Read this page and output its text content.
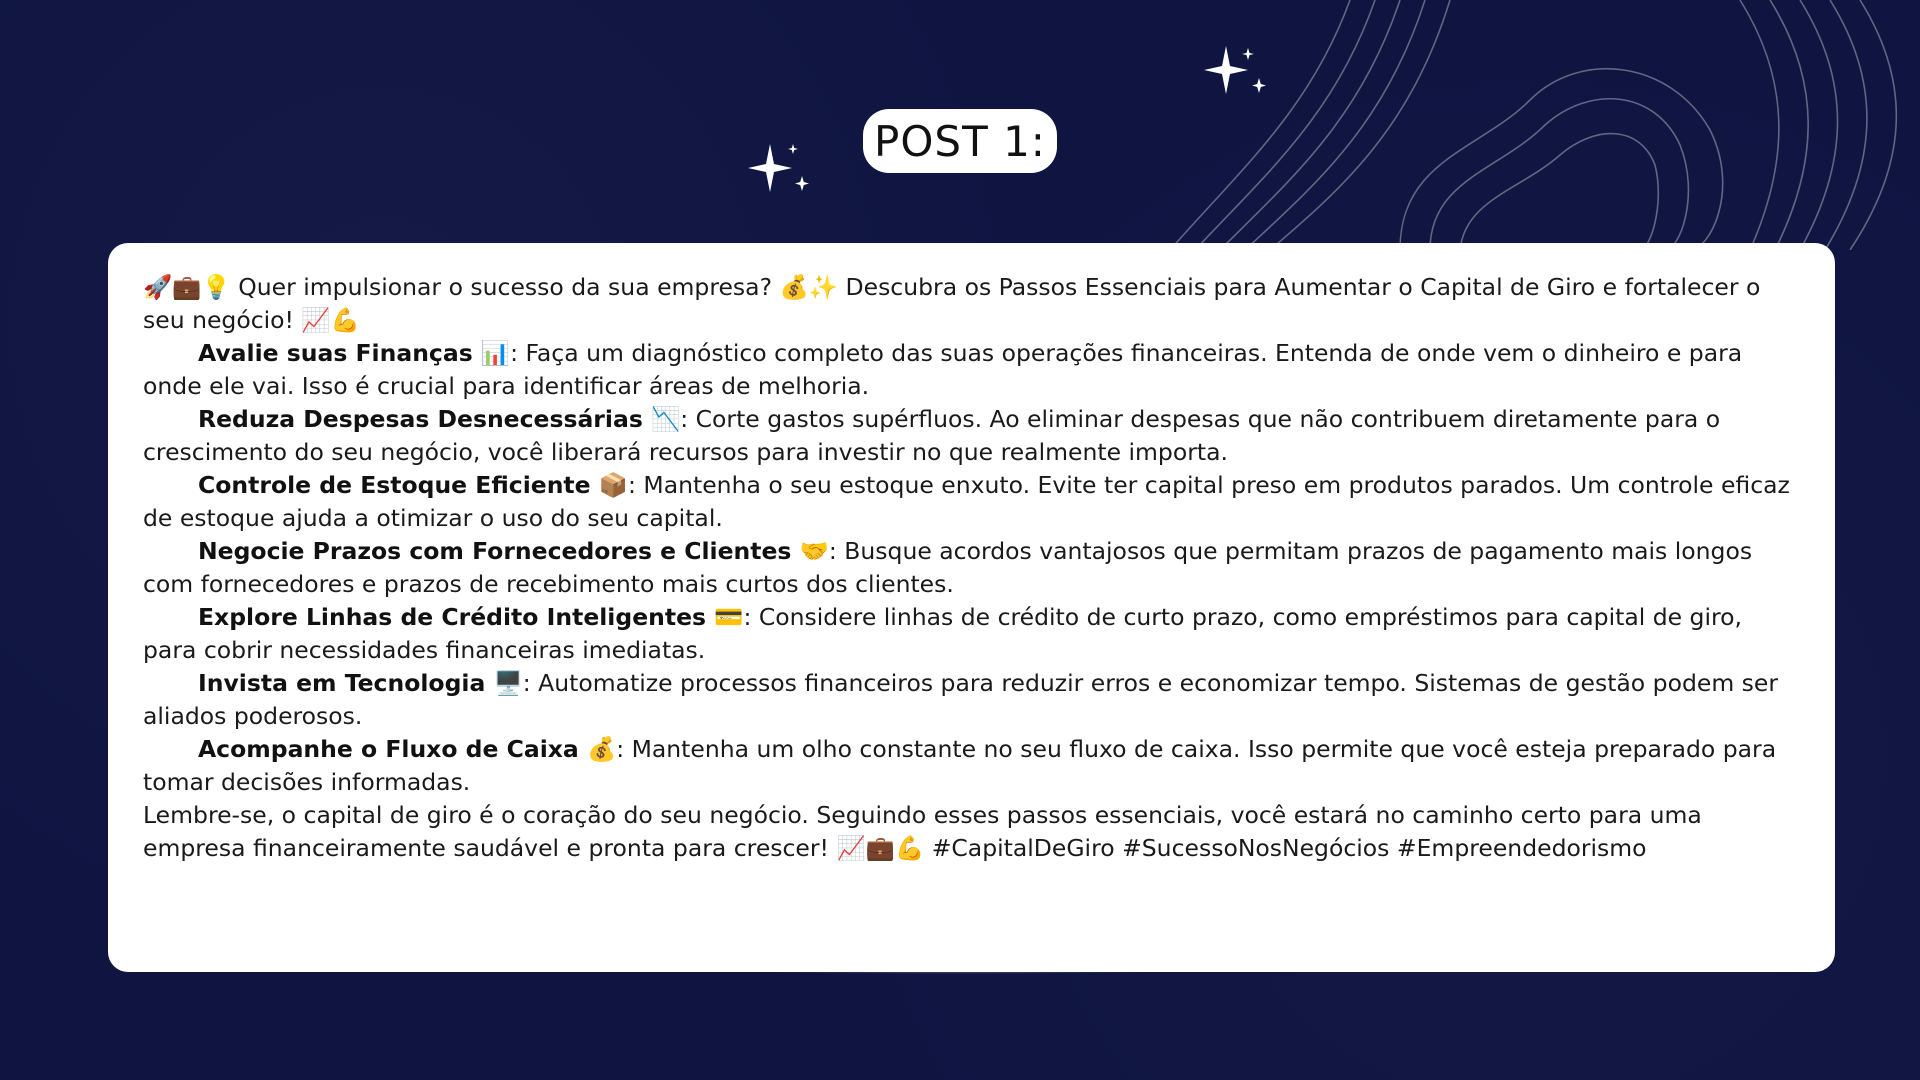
POST 1:

🚀💼💡 Quer impulsionar o sucesso da sua empresa? 💰✨ Descubra os Passos Essenciais para Aumentar o Capital de Giro e fortalecer o seu negócio! 📈💪

Avalie suas Finanças 📊: Faça um diagnóstico completo das suas operações financeiras. Entenda de onde vem o dinheiro e para onde ele vai. Isso é crucial para identificar áreas de melhoria.

Reduza Despesas Desnecessárias 📉: Corte gastos supérfluos. Ao eliminar despesas que não contribuem diretamente para o crescimento do seu negócio, você liberará recursos para investir no que realmente importa.

Controle de Estoque Eficiente 📦: Mantenha o seu estoque enxuto. Evite ter capital preso em produtos parados. Um controle eficaz de estoque ajuda a otimizar o uso do seu capital.

Negocie Prazos com Fornecedores e Clientes 🤝: Busque acordos vantajosos que permitam prazos de pagamento mais longos com fornecedores e prazos de recebimento mais curtos dos clientes.

Explore Linhas de Crédito Inteligentes 💳: Considere linhas de crédito de curto prazo, como empréstimos para capital de giro, para cobrir necessidades financeiras imediatas.

Invista em Tecnologia 🖥️: Automatize processos financeiros para reduzir erros e economizar tempo. Sistemas de gestão podem ser aliados poderosos.

Acompanhe o Fluxo de Caixa 💰: Mantenha um olho constante no seu fluxo de caixa. Isso permite que você esteja preparado para tomar decisões informadas.

Lembre-se, o capital de giro é o coração do seu negócio. Seguindo esses passos essenciais, você estará no caminho certo para uma empresa financeiramente saudável e pronta para crescer! 📈💼💪 #CapitalDeGiro #SucessoNosNegócios #Empreendedorismo
